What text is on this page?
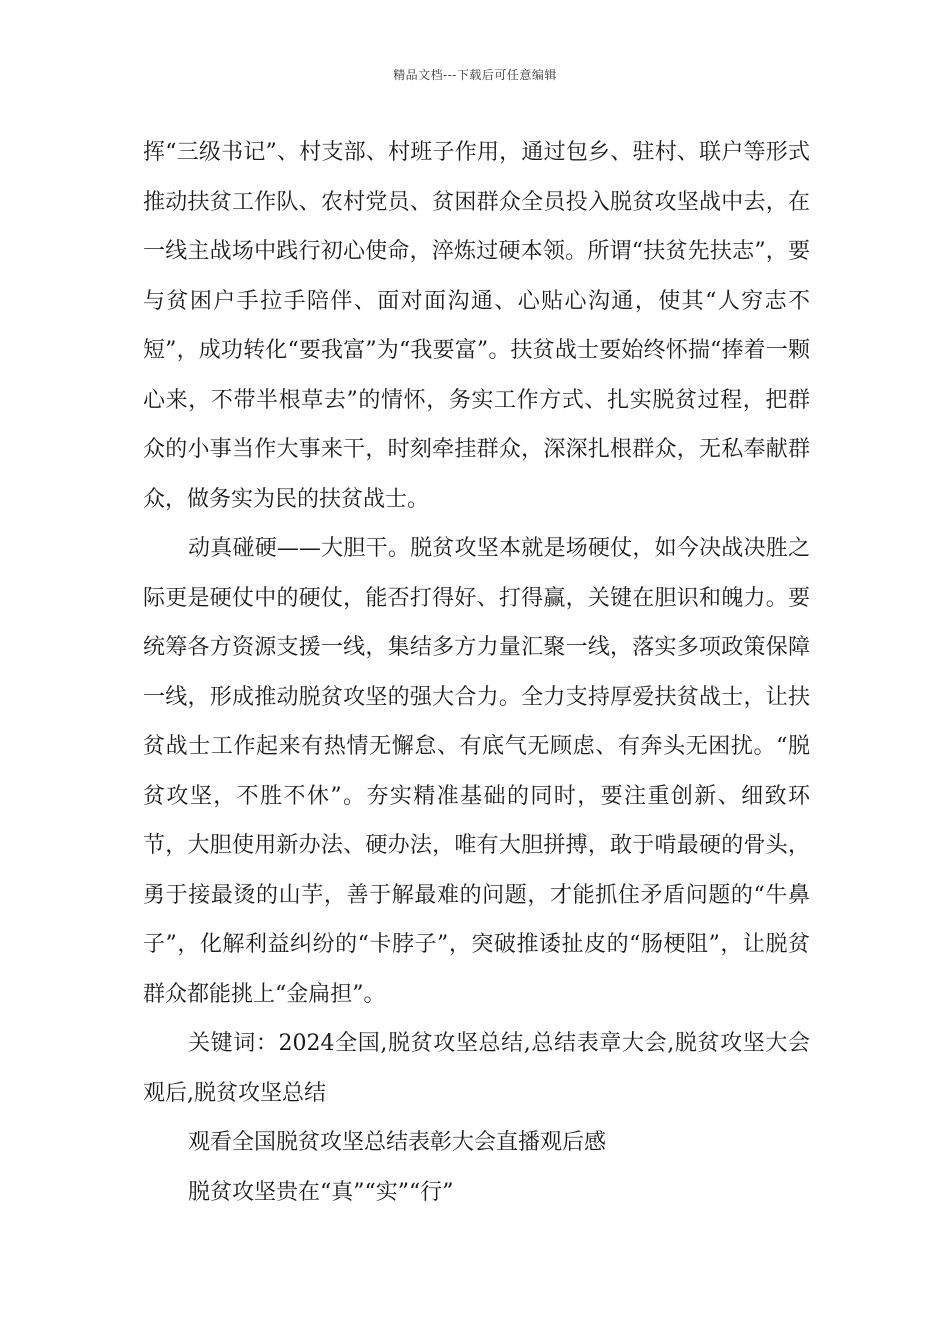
精品文档---下载后可任意编辑

挥“三级书记”、村支部、村班子作用，通过包乡、驻村、联户等形式推动扶贫工作队、农村党员、贫困群众全员投入脱贫攻坚战中去，在一线主战场中践行初心使命，淬炼过硬本领。所谓“扶贫先扶志”，要与贫困户手拉手陪伴、面对面沟通、心贴心沟通，使其“人穷志不短”，成功转化“要我富”为“我要富”。扶贫战士要始终怀揣“捧着一颗心来，不带半根草去”的情怀，务实工作方式、扎实脱贫过程，把群众的小事当作大事来干，时刻牵挂群众，深深扎根群众，无私奉献群众，做务实为民的扶贫战士。

动真碰硬——大胆干。脱贫攻坚本就是场硬仗，如今决战决胜之际更是硬仗中的硬仗，能否打得好、打得赢，关键在胆识和魄力。要统筹各方资源支援一线，集结多方力量汇聚一线，落实多项政策保障一线，形成推动脱贫攻坚的强大合力。全力支持厚爱扶贫战士，让扶贫战士工作起来有热情无懈怠、有底气无顾虑、有奔头无困扰。“脱贫攻坚，不胜不休”。夯实精准基础的同时，要注重创新、细致环节，大胆使用新办法、硬办法，唯有大胆拼搏，敢于啃最硬的骨头，勇于接最烫的山芋，善于解最难的问题，才能抓住矛盾问题的“牛鼻子”，化解利益纠纷的“卡脖子”，突破推诿扯皮的“肠梗阻”，让脱贫群众都能挑上“金扁担”。

关键词：2024全国,脱贫攻坚总结,总结表章大会,脱贫攻坚大会观后,脱贫攻坚总结

观看全国脱贫攻坚总结表彰大会直播观后感

脱贫攻坚贵在“真”“实”“行”
